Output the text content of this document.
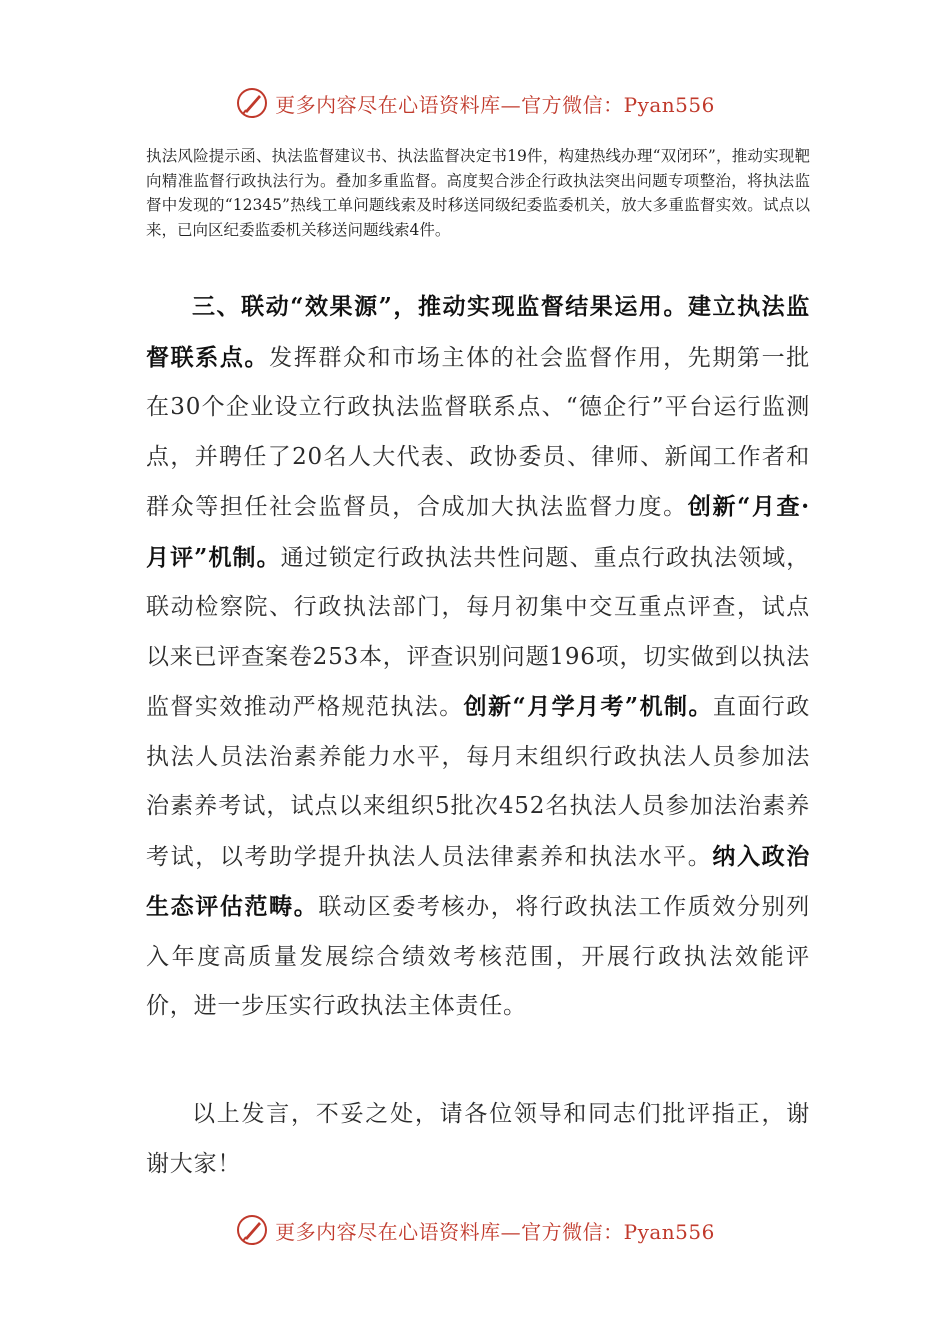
更多内容尽在心语资料库—官方微信：Pyan556
执法风险提示函、执法监督建议书、执法监督决定书19件，构建热线办理“双闭环”，推动实现靶向精准监督行政执法行为。叠加多重监督。高度契合涉企行政执法突出问题专项整治，将执法监督中发现的“12345”热线工单问题线索及时移送同级纪委监委机关，放大多重监督实效。试点以来，已向区纪委监委机关移送问题线索4件。
三、联动“效果源”，推动实现监督结果运用。建立执法监督联系点。发挥群众和市场主体的社会监督作用，先期第一批在30个企业设立行政执法监督联系点、“德企行”平台运行监测点，并聘任了20名人大代表、政协委员、律师、新闻工作者和群众等担任社会监督员，合成加大执法监督力度。创新“月查·月评”机制。通过锁定行政执法共性问题、重点行政执法领域，联动检察院、行政执法部门，每月初集中交互重点评查，试点以来已评查案卷253本，评查识别问题196项，切实做到以执法监督实效推动严格规范执法。创新“月学月考”机制。直面行政执法人员法治素养能力水平，每月末组织行政执法人员参加法治素养考试，试点以来组织5批次452名执法人员参加法治素养考试，以考助学提升执法人员法律素养和执法水平。纳入政治生态评估范畴。联动区委考核办，将行政执法工作质效分别列入年度高质量发展综合绩效考核范围，开展行政执法效能评价，进一步压实行政执法主体责任。
以上发言，不妥之处，请各位领导和同志们批评指正，谢谢大家！
更多内容尽在心语资料库—官方微信：Pyan556
